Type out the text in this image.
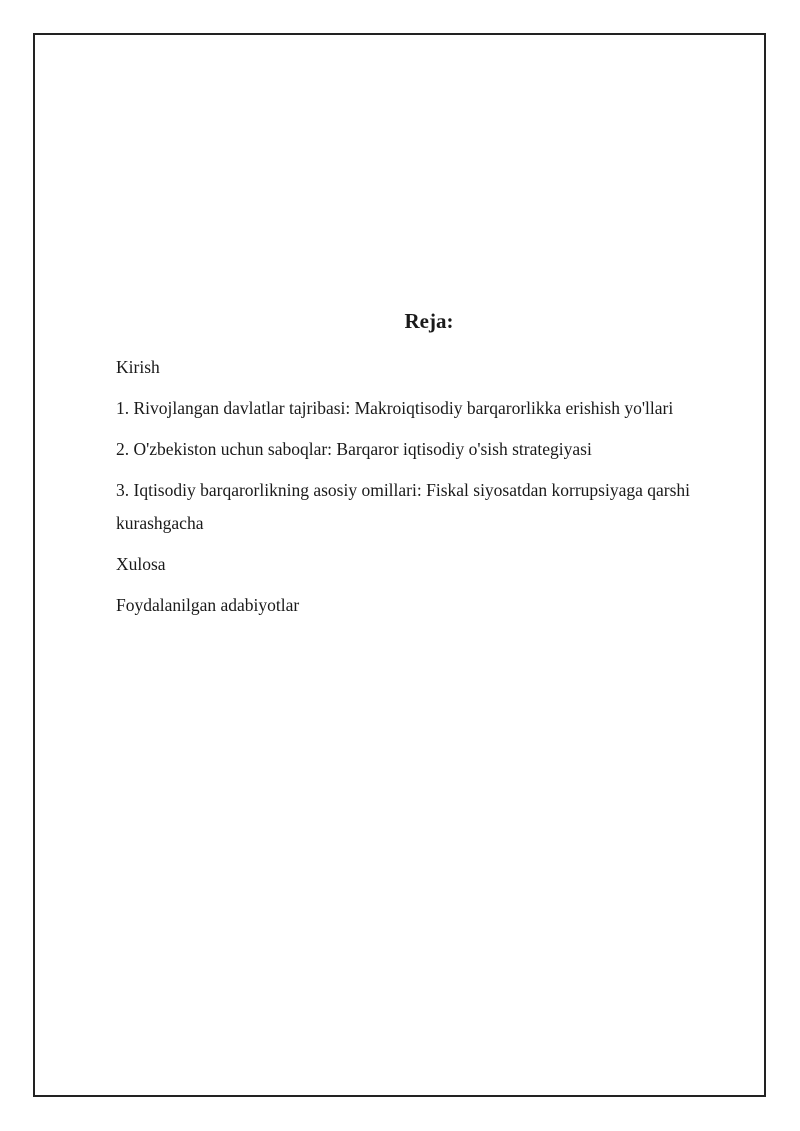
Reja:
Kirish
1. Rivojlangan davlatlar tajribasi: Makroiqtisodiy barqarorlikka erishish yo'llari
2. O'zbekiston uchun saboqlar: Barqaror iqtisodiy o'sish strategiyasi
3. Iqtisodiy barqarorlikning asosiy omillari: Fiskal siyosatdan korrupsiyaga qarshi kurashgacha
Xulosa
Foydalanilgan adabiyotlar
